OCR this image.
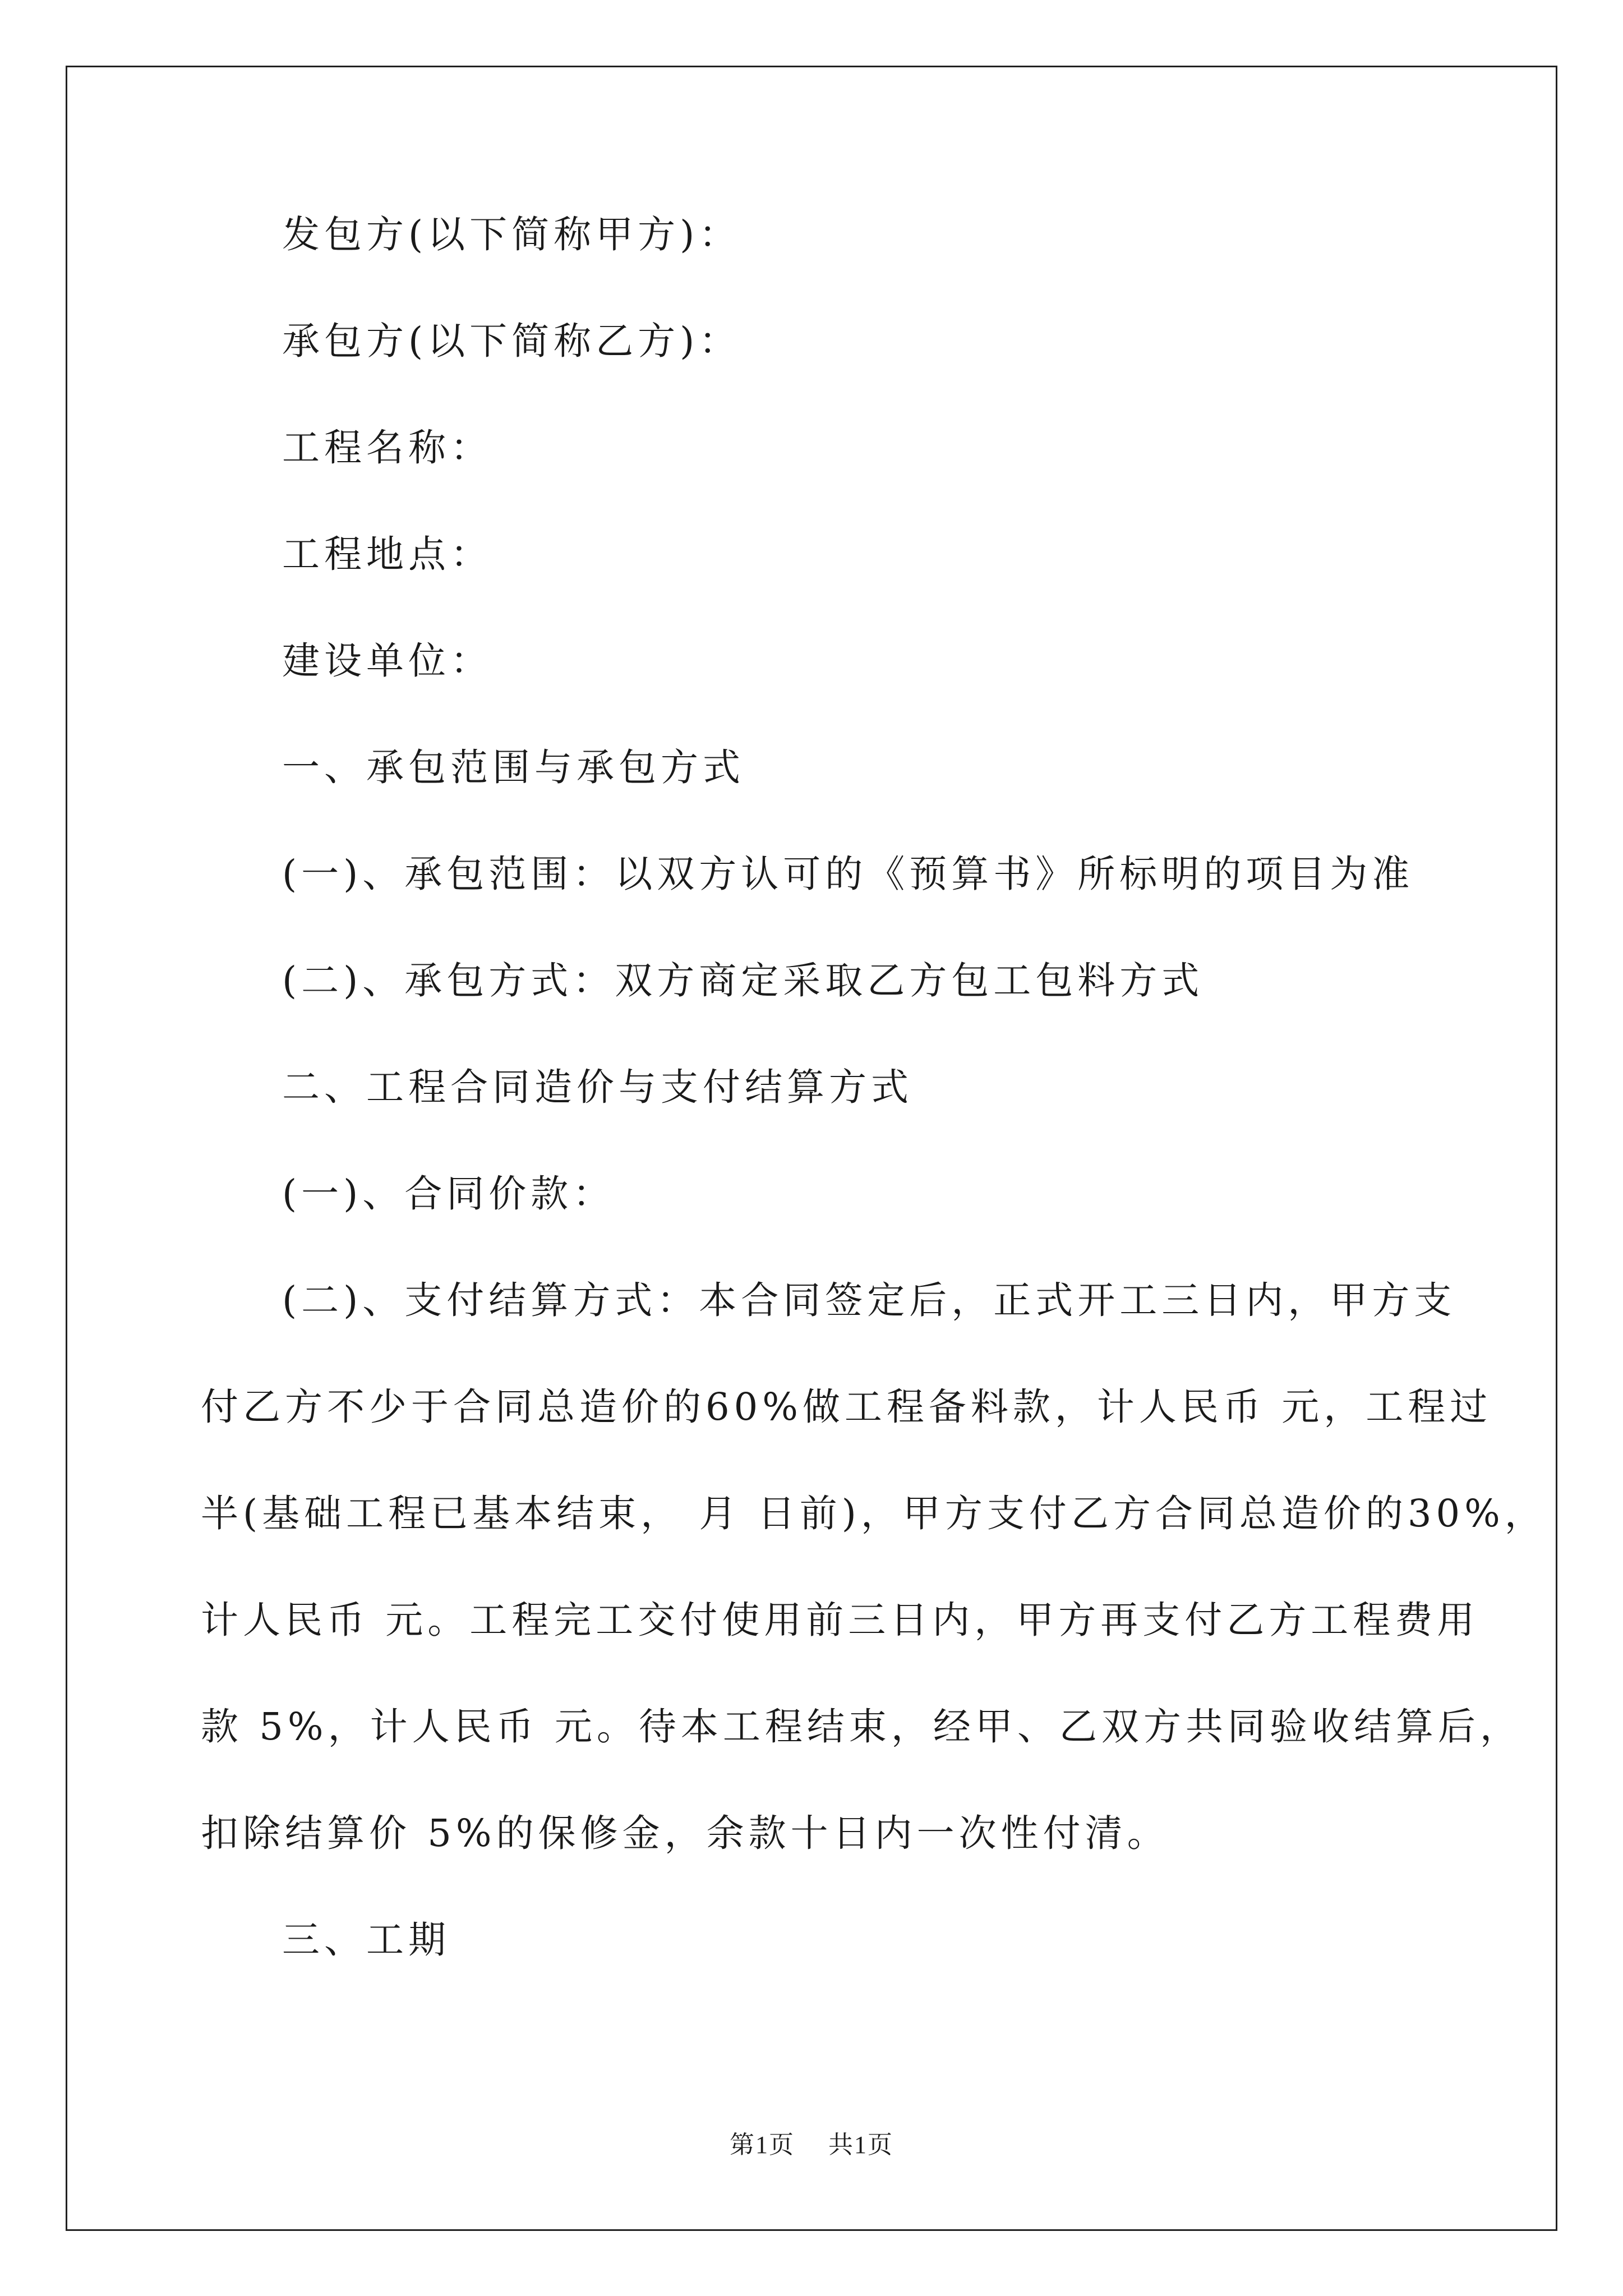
发包方(以下简称甲方)：
承包方(以下简称乙方)：
工程名称：
工程地点：
建设单位：
一、承包范围与承包方式
(一)、承包范围：以双方认可的《预算书》所标明的项目为准
(二)、承包方式：双方商定采取乙方包工包料方式
二、工程合同造价与支付结算方式
(一)、合同价款：
(二)、支付结算方式：本合同签定后，正式开工三日内，甲方支
付乙方不少于合同总造价的60%做工程备料款，计人民币 元，工程过
半(基础工程已基本结束， 月 日前)，甲方支付乙方合同总造价的30%，
计人民币 元。工程完工交付使用前三日内，甲方再支付乙方工程费用
款 5%，计人民币 元。待本工程结束，经甲、乙双方共同验收结算后，
扣除结算价 5%的保修金，余款十日内一次性付清。
三、工期
第1页 共1页
